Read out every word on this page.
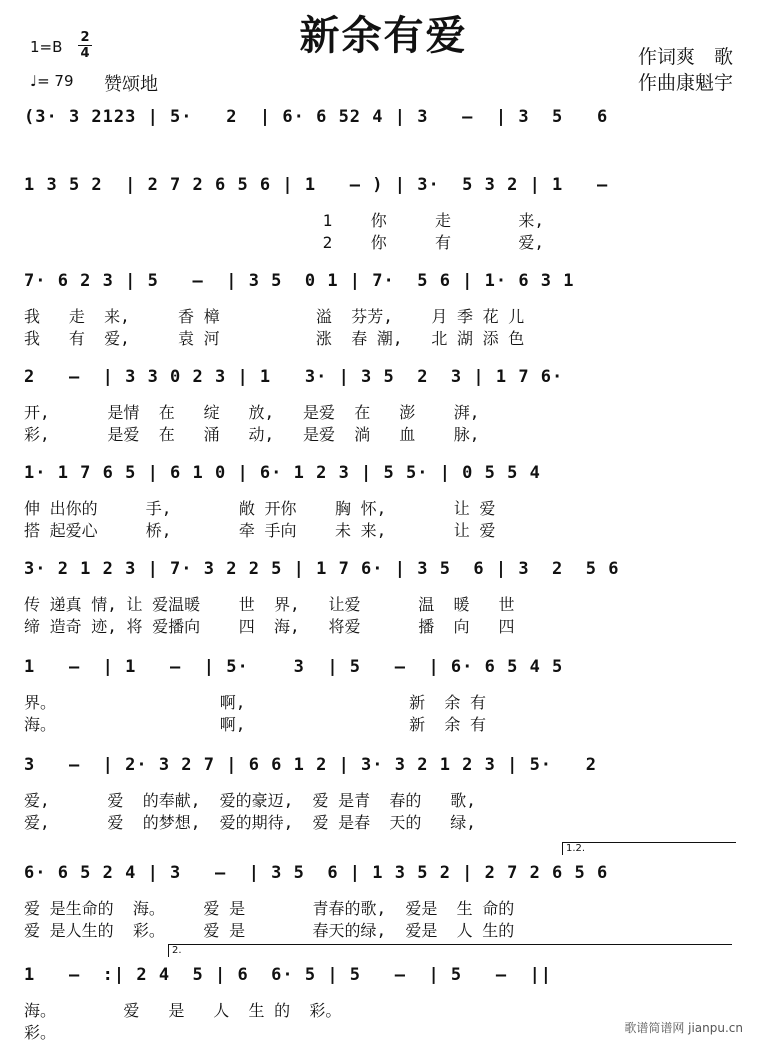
新余有爱
1=B
2
4
♩= 79 赞颂地
作词爽　歌
作曲康魁宇
(3· 3 2123 | 5·   2  | 6· 6 52 4 | 3   –  | 3  5   6
1 3 5 2  | 2 7 2 6 5 6 | 1   – ) | 3·  5 3 2 | 1   –
1    你     走       来,
2    你     有       爱,
7· 6 2 3 | 5   –  | 3 5  0 1 | 7·  5 6 | 1· 6 3 1
我   走  来,     香 樟          溢  芬芳,    月 季 花 儿
我   有  爱,     袁 河          涨  春 潮,   北 湖 添 色
2   –  | 3 3 0 2 3 | 1   3· | 3 5  2  3 | 1 7 6·
开,      是情  在   绽   放,   是爱  在   澎    湃,
彩,      是爱  在   涌   动,   是爱  淌   血    脉,
1· 1 7 6 5 | 6 1 0 | 6· 1 2 3 | 5 5· | 0 5 5 4
伸 出你的     手,       敞 开你    胸 怀,       让 爱
搭 起爱心     桥,       牵 手向    未 来,       让 爱
3· 2 1 2 3 | 7· 3 2 2 5 | 1 7 6· | 3 5  6 | 3  2  5 6
传 递真 情, 让 爱温暖    世  界,   让爱      温  暖   世
缔 造奇 迹, 将 爱播向    四  海,   将爱      播  向   四
1   –  | 1   –  | 5·    3  | 5   –  | 6· 6 5 4 5
界。                 啊,                 新  余 有
海。                 啊,                 新  余 有
3   –  | 2· 3 2 7 | 6 6 1 2 | 3· 3 2 1 2 3 | 5·   2
爱,      爱  的奉献,  爱的豪迈,  爱 是青  春的   歌,
爱,      爱  的梦想,  爱的期待,  爱 是春  天的   绿,
1.2.
6· 6 5 2 4 | 3   –  | 3 5  6 | 1 3 5 2 | 2 7 2 6 5 6
爱 是生命的  海。    爱 是       青春的歌,  爱是  生 命的
爱 是人生的  彩。    爱 是       春天的绿,  爱是  人 生的
2.
1   –  :| 2 4  5 | 6  6· 5 | 5   –  | 5   –  ||
海。       爱   是   人  生 的  彩。
彩。	歌谱简谱网 jianpu.cn
